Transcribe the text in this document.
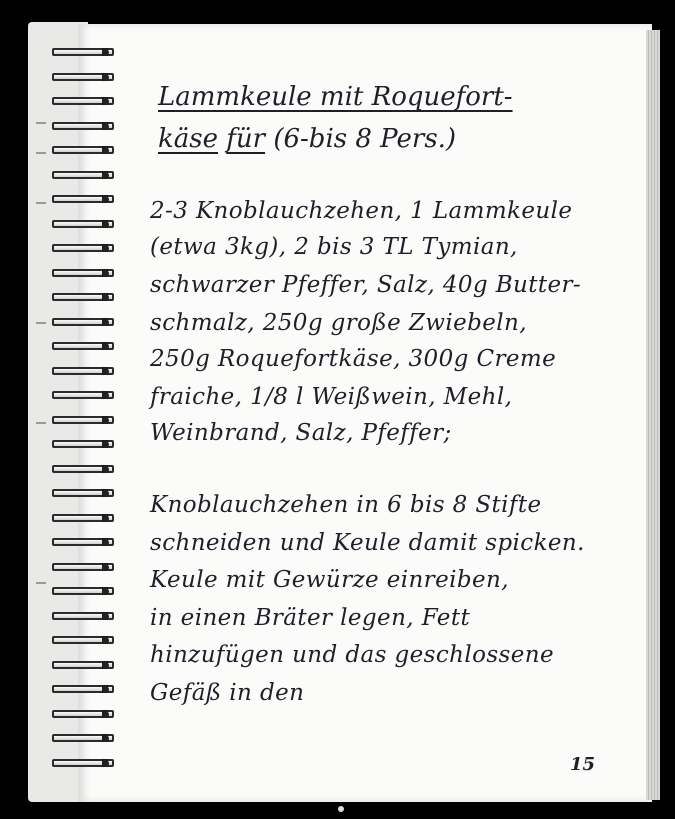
Lammkeule mit Roquefort-
käse für (6-bis 8 Pers.)
2-3 Knoblauchzehen, 1 Lammkeule
(etwa 3kg), 2 bis 3 TL Tymian,
schwarzer Pfeffer, Salz, 40g Butter-
schmalz, 250g große Zwiebeln,
250g Roquefortkäse, 300g Creme
fraiche, 1/8 l Weißwein, Mehl,
Weinbrand, Salz, Pfeffer;
Knoblauchzehen in 6 bis 8 Stifte
schneiden und Keule damit spicken.
Keule mit Gewürze einreiben,
in einen Bräter legen, Fett
hinzufügen und das geschlossene
Gefäß in den
15
